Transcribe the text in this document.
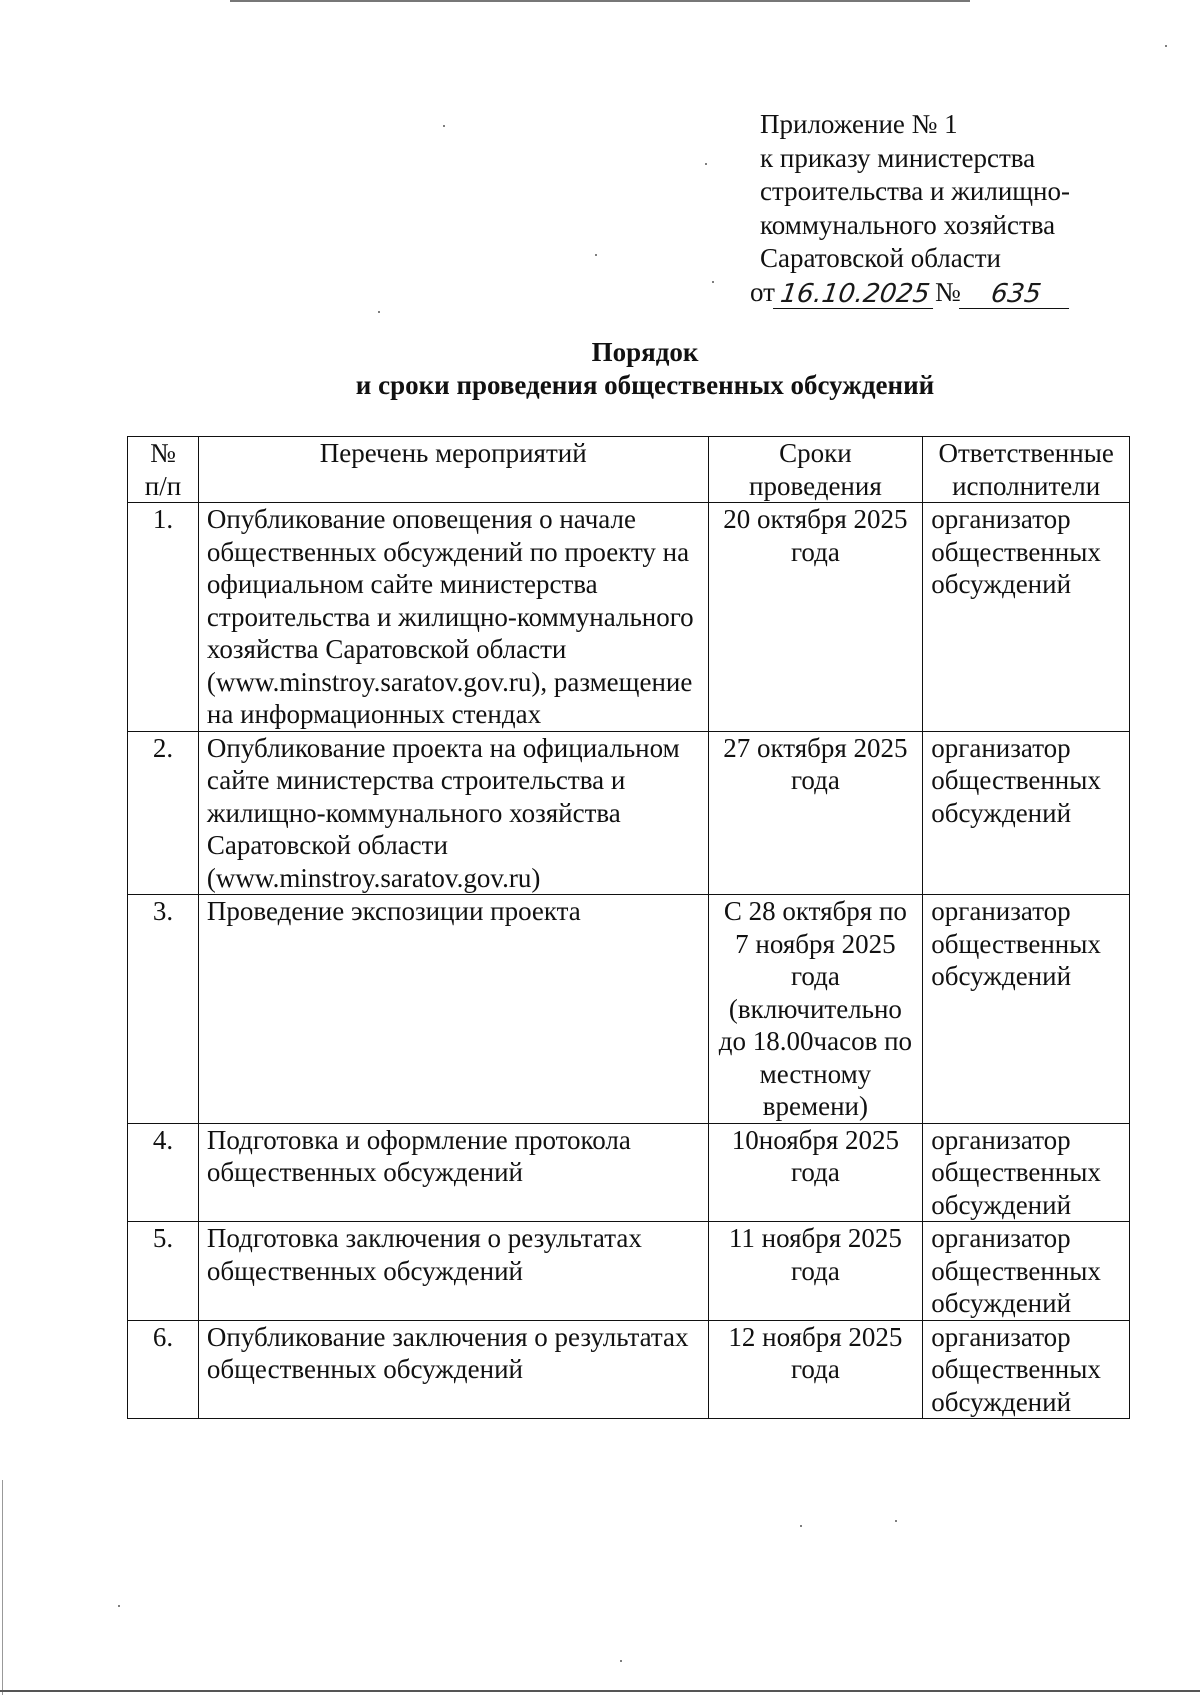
Приложение № 1
к приказу министерства
строительства и жилищно-
коммунального хозяйства
Саратовской области
от 16.10.2025 №	635
Порядок
и сроки проведения общественных обсуждений
№ п/п	Перечень мероприятий	Сроки проведения	Ответственные исполнители
1.	Опубликование оповещения о начале общественных обсуждений по проекту на официальном сайте министерства строительства и жилищно-коммунального хозяйства Саратовской области (www.minstroy.saratov.gov.ru), размещение на информационных стендах	20 октября 2025 года	организатор общественных обсуждений
2.	Опубликование проекта на официальном сайте министерства строительства и жилищно-коммунального хозяйства Саратовской области (www.minstroy.saratov.gov.ru)	27 октября 2025 года	организатор общественных обсуждений
3.	Проведение экспозиции проекта	С 28 октября по 7 ноября 2025 года (включительно до 18.00часов по местному времени)	организатор общественных обсуждений
4.	Подготовка и оформление протокола общественных обсуждений	10ноября 2025 года	организатор общественных обсуждений
5.	Подготовка заключения о результатах общественных обсуждений	11 ноября 2025 года	организатор общественных обсуждений
6.	Опубликование заключения о результатах общественных обсуждений	12 ноября 2025 года	организатор общественных обсуждений
